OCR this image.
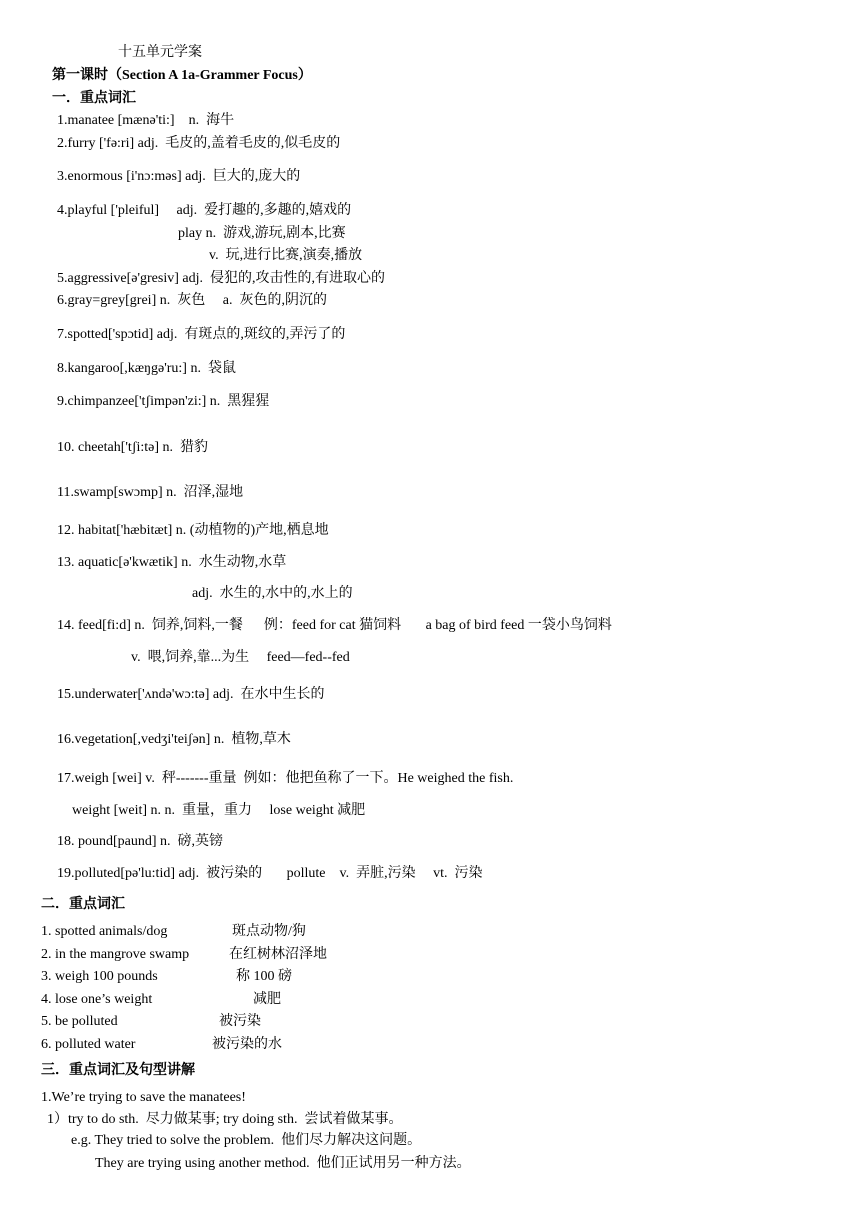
十五单元学案
第一课时（Section A 1a-Grammer Focus）
一．重点词汇
1.manatee [mænə'ti:]    n.  海牛
2.furry ['fə:ri] adj.  毛皮的,盖着毛皮的,似毛皮的
3.enormous [i'nɔ:məs] adj.  巨大的,庞大的
4.playful ['pleiful]     adj.  爱打趣的,多趣的,嬉戏的
play n.  游戏,游玩,剧本,比赛
v.  玩,进行比赛,演奏,播放
5.aggressive[ə'gresiv] adj.  侵犯的,攻击性的,有进取心的
6.gray=grey[grei] n.  灰色     a.  灰色的,阴沉的
7.spotted['spɔtid] adj.  有斑点的,斑纹的,弄污了的
8.kangaroo[,kæŋgə'ru:] n.  袋鼠
9.chimpanzee['tʃimpən'zi:] n.  黑猩猩
10. cheetah['tʃi:tə] n.  猎豹
11.swamp[swɔmp] n.  沼泽,湿地
12. habitat['hæbitæt] n. (动植物的)产地,栖息地
13. aquatic[ə'kwætik] n.  水生动物,水草
adj.  水生的,水中的,水上的
14. feed[fi:d] n.  饲养,饲料,一餐      例：feed for cat 猫饲料       a bag of bird feed 一袋小鸟饲料
v.  喂,饲养,靠...为生     feed—fed--fed
15.underwater['ʌndə'wɔ:tə] adj.  在水中生长的
16.vegetation[,vedʒi'teiʃən] n.  植物,草木
17.weigh [wei] v.  秤-------重量  例如：他把鱼称了一下。He weighed the fish.
weight [weit] n. n.  重量，重力     lose weight 减肥
18. pound[paund] n.  磅,英镑
19.polluted[pə'lu:tid] adj.  被污染的       pollute    v.  弄脏,污染     vt.  污染
二．重点词汇
1. spotted animals/dog	斑点动物/狗
2. in the mangrove swamp	在红树林沼泽地
3. weigh 100 pounds	称 100 磅
4. lose one’s weight	减肥
5. be polluted	被污染
6. polluted water	被污染的水
三．重点词汇及句型讲解
1.We’re trying to save the manatees!
1）try to do sth.  尽力做某事; try doing sth.  尝试着做某事。
e.g. They tried to solve the problem.  他们尽力解决这问题。
They are trying using another method.  他们正试用另一种方法。
